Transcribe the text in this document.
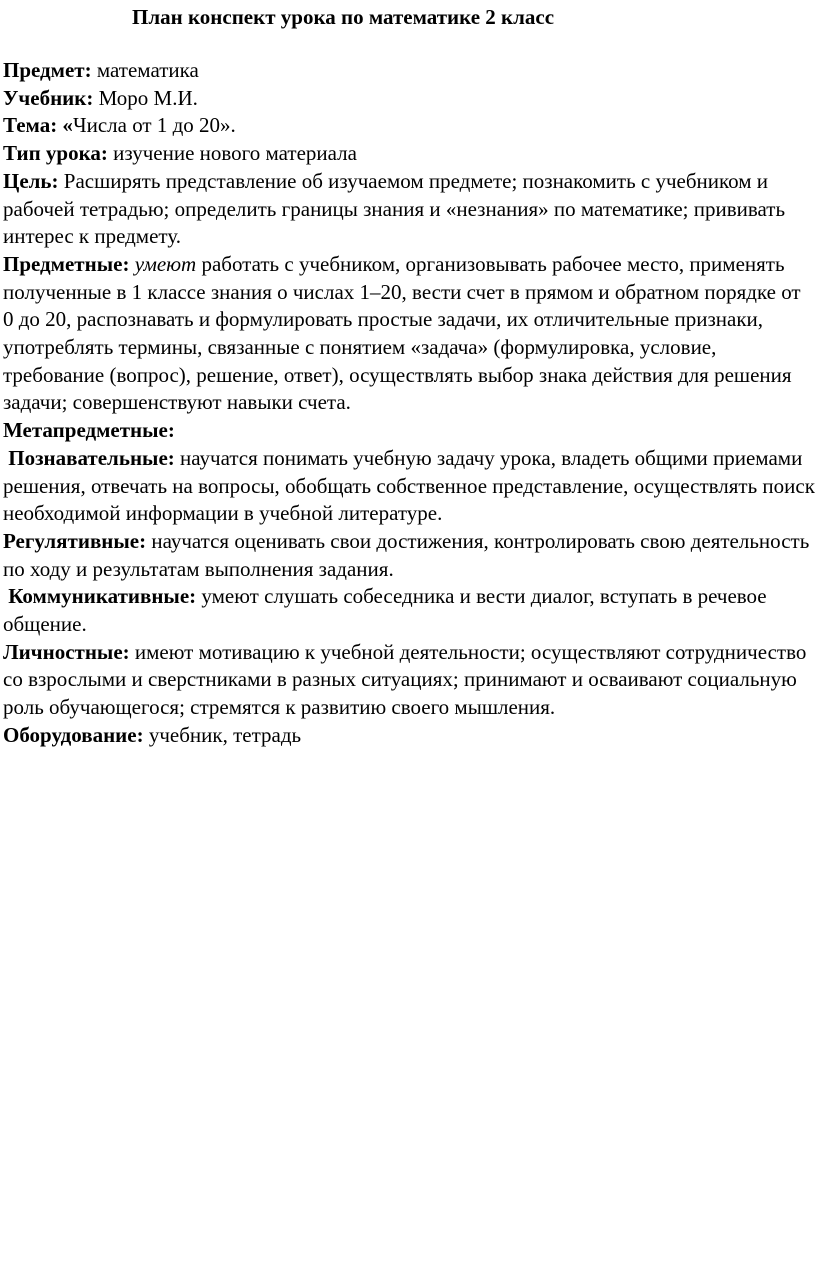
План конспект урока по математике 2 класс

Предмет: математика

Учебник: Моро М.И.

Тема: «Числа от 1 до 20».

Тип урока: изучение нового материала

Цель: Расширять представление об изучаемом предмете; познакомить с учебником и рабочей тетрадью; определить границы знания и «незнания» по математике; прививать интерес к предмету.

Предметные: умеют работать с учебником, организовывать рабочее место, применять полученные в 1 классе знания о числах 1–20, вести счет в прямом и обратном порядке от 0 до 20, распознавать и формулировать простые задачи, их отличительные признаки, употреблять термины, связанные с понятием «задача» (формулировка, условие, требование (вопрос), решение, ответ), осуществлять выбор знака действия для решения задачи; совершенствуют навыки счета.

Метапредметные:

Познавательные: научатся понимать учебную задачу урока, владеть общими приемами решения, отвечать на вопросы, обобщать собственное представление, осуществлять поиск необходимой информации в учебной литературе.

Регулятивные: научатся оценивать свои достижения, контролировать свою деятельность по ходу и результатам выполнения задания.

Коммуникативные: умеют слушать собеседника и вести диалог, вступать в речевое общение.

Личностные: имеют мотивацию к учебной деятельности; осуществляют сотрудничество со взрослыми и сверстниками в разных ситуациях; принимают и осваивают социальную роль обучающегося; стремятся к развитию своего мышления.

Оборудование: учебник, тетрадь
